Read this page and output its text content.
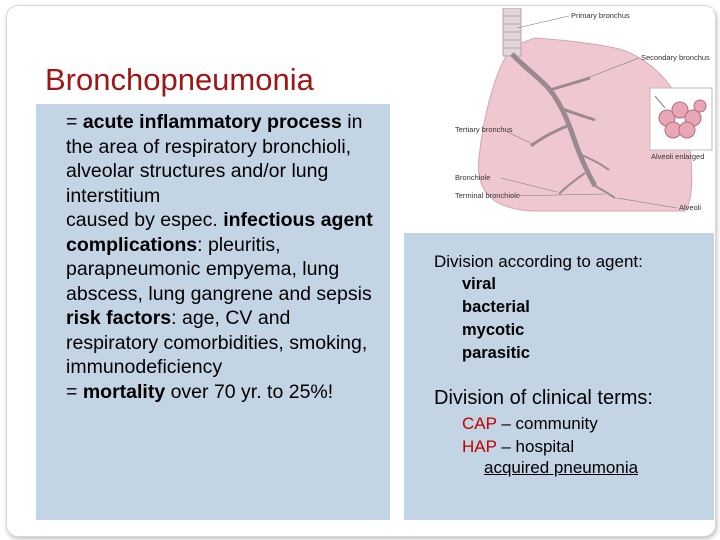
Bronchopneumonia

= acute inflammatory process in the area of respiratory bronchioli, alveolar structures and/or lung interstitium

caused by espec. infectious agent

complications: pleuritis, parapneumonic empyema, lung abscess, lung gangrene and sepsis

risk factors: age, CV and respiratory comorbidities, smoking, immunodeficiency

= mortality over 70 yr. to 25%!

Primary bronchus
Secondary bronchus
Tertiary bronchus
Bronchiole
Terminal bronchiole
Alveoli
Alveoli enlarged
Division according to agent:
viral
bacterial
mycotic
parasitic
Division of clinical terms:
CAP – community
HAP – hospital
acquired pneumonia
